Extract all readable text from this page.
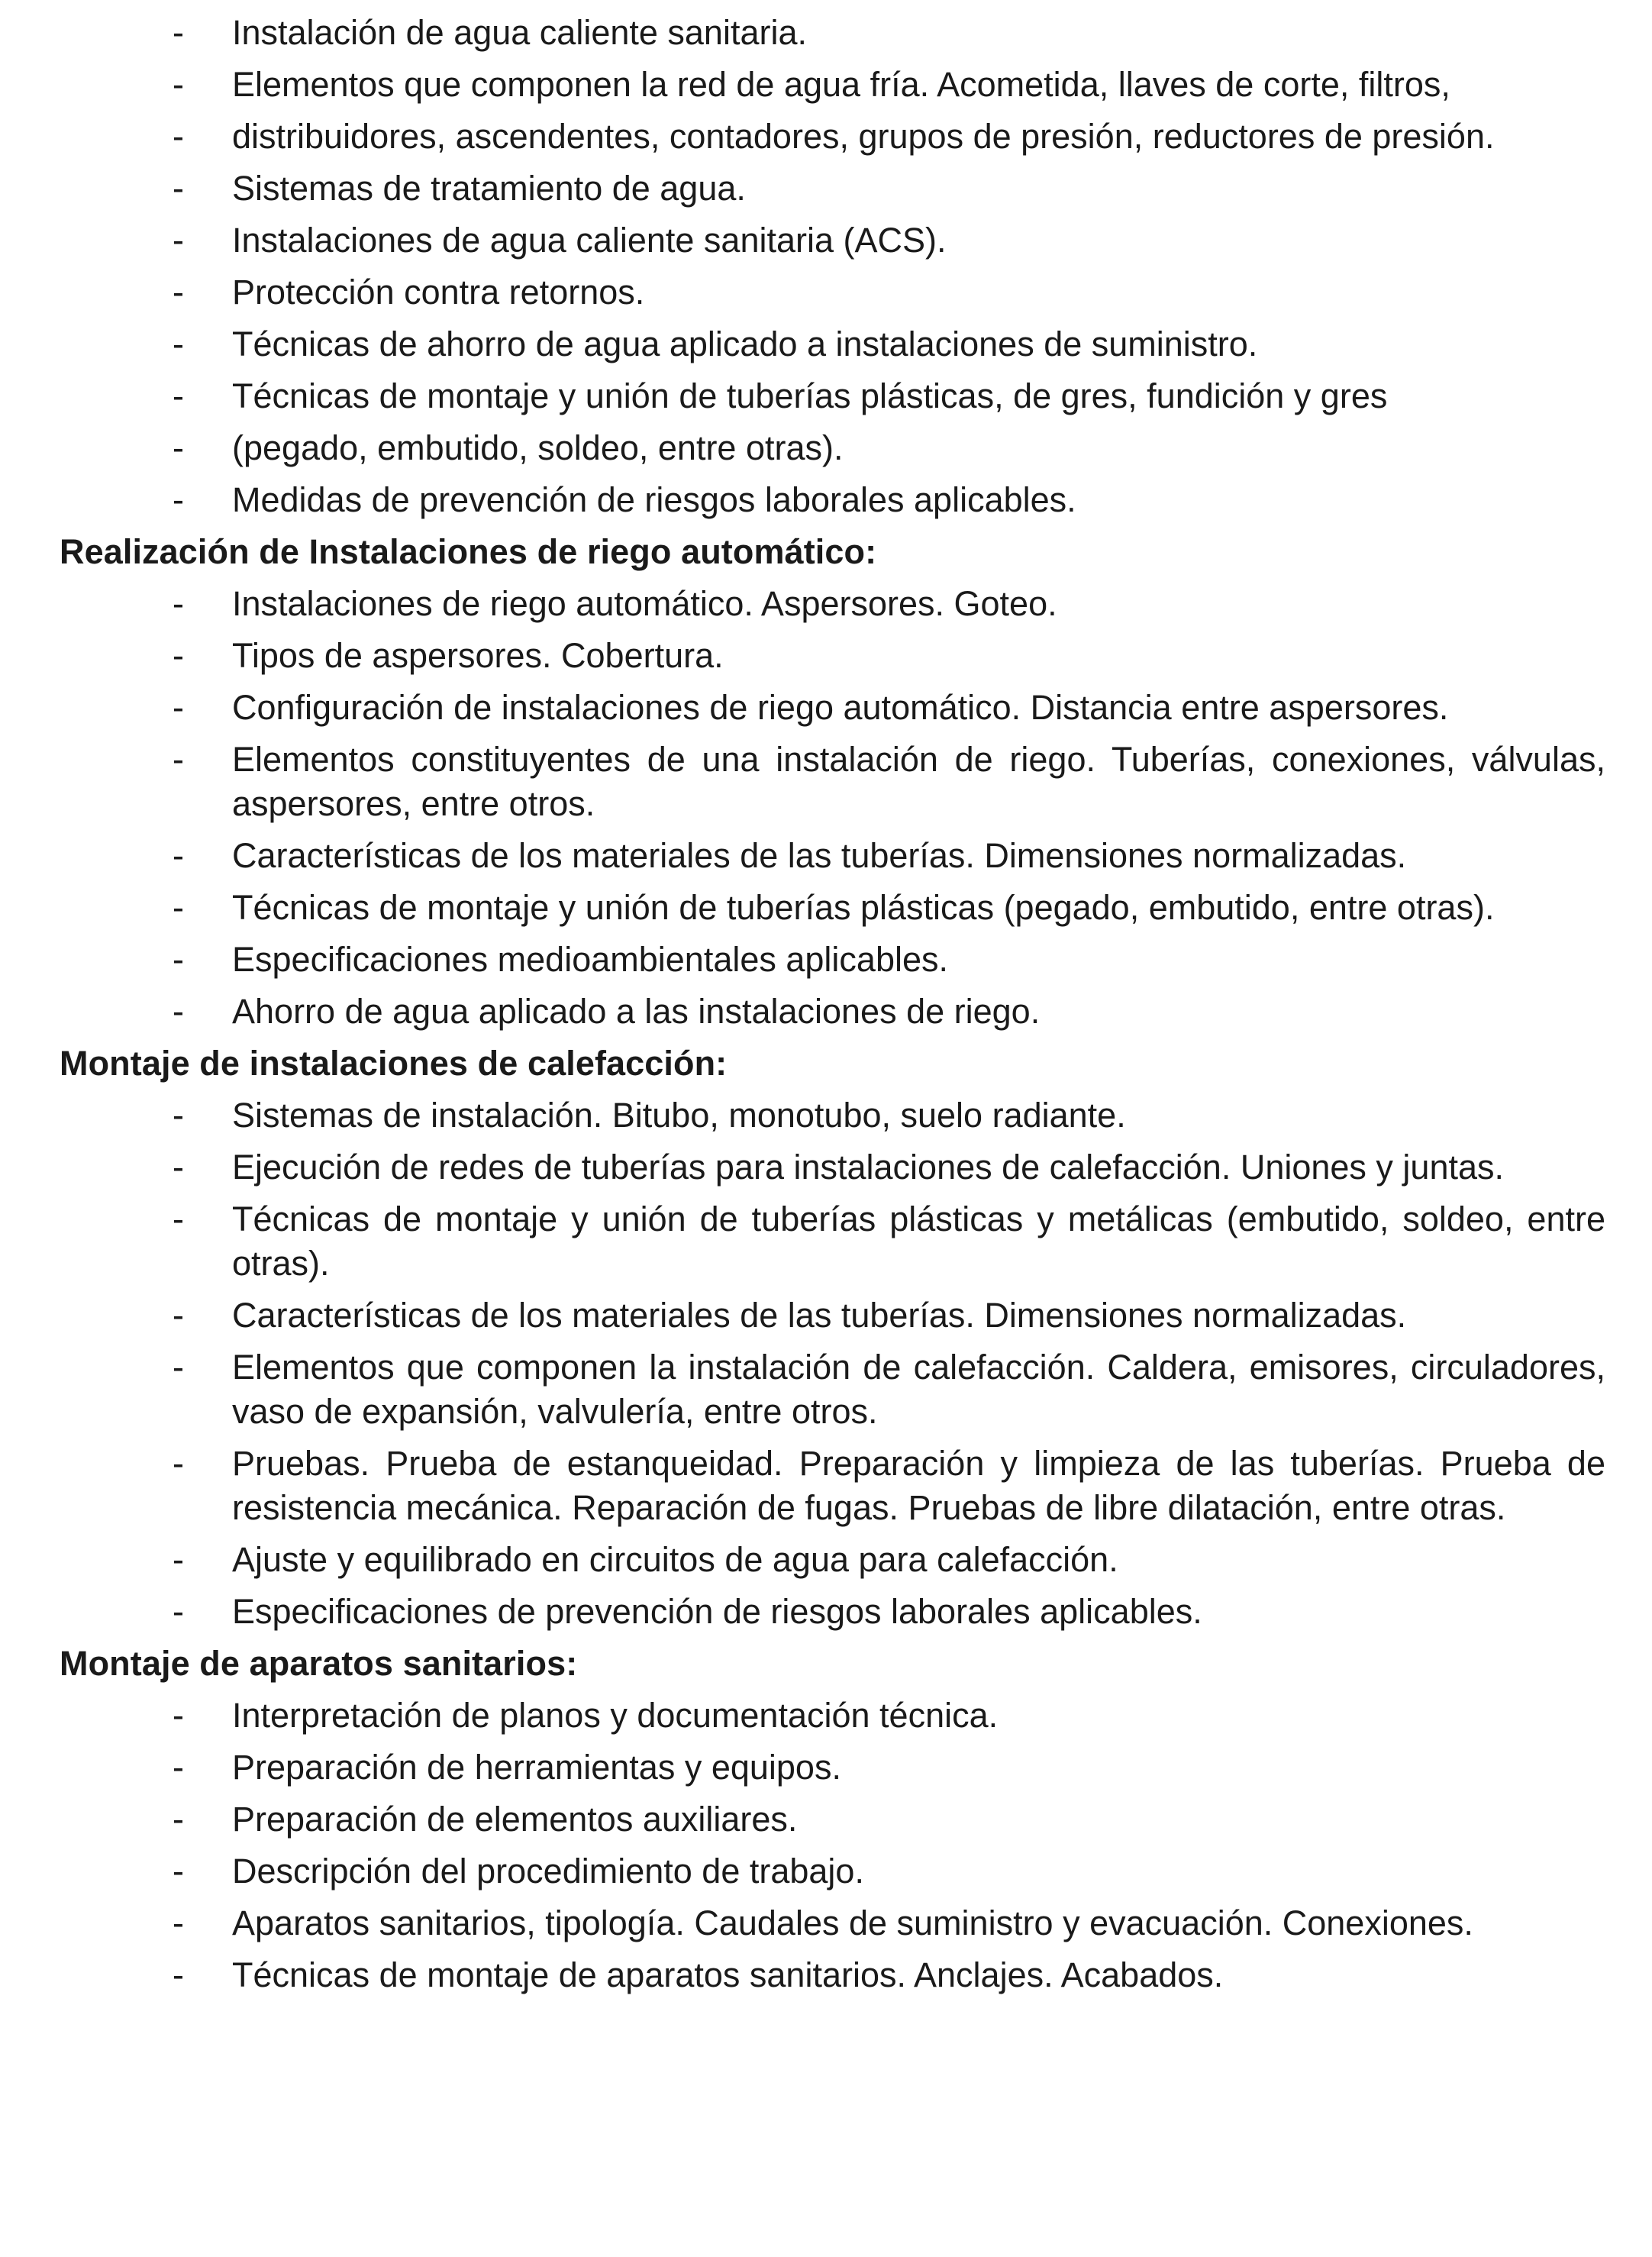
- Instalación de agua caliente sanitaria.
- Elementos que componen la red de agua fría. Acometida, llaves de corte, filtros,
- distribuidores, ascendentes, contadores, grupos de presión, reductores de presión.
- Sistemas de tratamiento de agua.
- Instalaciones de agua caliente sanitaria (ACS).
- Protección contra retornos.
- Técnicas de ahorro de agua aplicado a instalaciones de suministro.
- Técnicas de montaje y unión de tuberías plásticas, de gres, fundición y gres
- (pegado, embutido, soldeo, entre otras).
- Medidas de prevención de riesgos laborales aplicables.
Realización de Instalaciones de riego automático:
- Instalaciones de riego automático. Aspersores. Goteo.
- Tipos de aspersores. Cobertura.
- Configuración de instalaciones de riego automático. Distancia entre aspersores.
- Elementos constituyentes de una instalación de riego. Tuberías, conexiones, válvulas, aspersores, entre otros.
- Características de los materiales de las tuberías. Dimensiones normalizadas.
- Técnicas de montaje y unión de tuberías plásticas (pegado, embutido, entre otras).
- Especificaciones medioambientales aplicables.
- Ahorro de agua aplicado a las instalaciones de riego.
Montaje de instalaciones de calefacción:
- Sistemas de instalación. Bitubo, monotubo, suelo radiante.
- Ejecución de redes de tuberías para instalaciones de calefacción. Uniones y juntas.
- Técnicas de montaje y unión de tuberías plásticas y metálicas (embutido, soldeo, entre otras).
- Características de los materiales de las tuberías. Dimensiones normalizadas.
- Elementos que componen la instalación de calefacción. Caldera, emisores, circuladores, vaso de expansión, valvulería, entre otros.
- Pruebas. Prueba de estanqueidad. Preparación y limpieza de las tuberías. Prueba de resistencia mecánica. Reparación de fugas. Pruebas de libre dilatación, entre otras.
- Ajuste y equilibrado en circuitos de agua para calefacción.
- Especificaciones de prevención de riesgos laborales aplicables.
Montaje de aparatos sanitarios:
- Interpretación de planos y documentación técnica.
- Preparación de herramientas y equipos.
- Preparación de elementos auxiliares.
- Descripción del procedimiento de trabajo.
- Aparatos sanitarios, tipología. Caudales de suministro y evacuación. Conexiones.
- Técnicas de montaje de aparatos sanitarios. Anclajes. Acabados.
